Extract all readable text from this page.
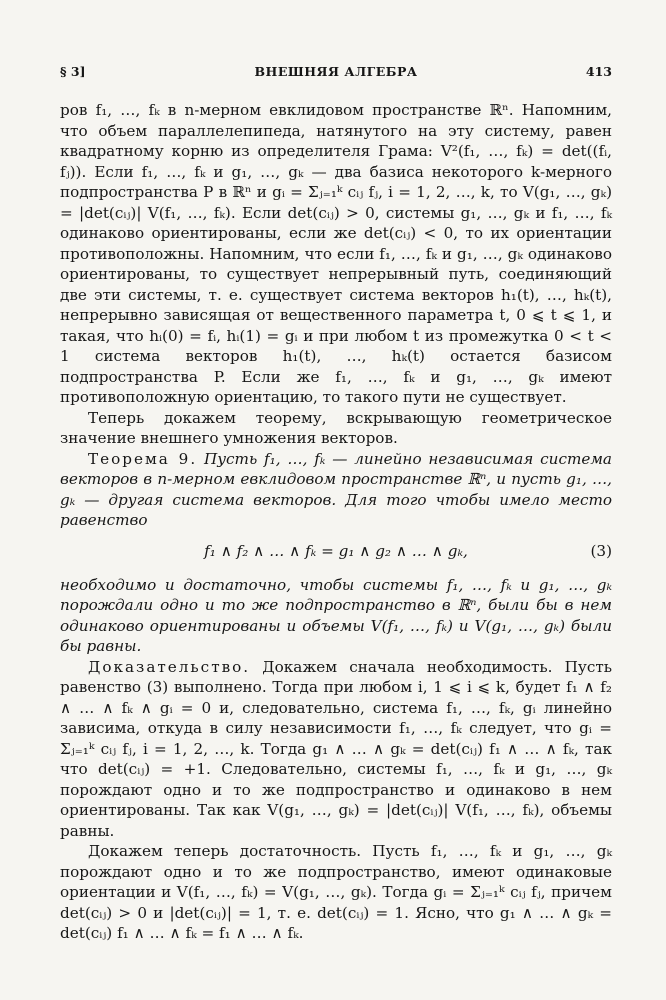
§ 3]	ВНЕШНЯЯ АЛГЕБРА	413

ров f₁, …, fₖ в n-мерном евклидовом пространстве ℝⁿ. Напомним, что объем параллелепипеда, натянутого на эту систему, равен квадратному корню из определителя Грама: V²(f₁, …, fₖ) = det((fᵢ, fⱼ)). Если f₁, …, fₖ и g₁, …, gₖ — два базиса некоторого k-мерного подпространства P в ℝⁿ и gᵢ = Σⱼ₌₁ᵏ cᵢⱼ fⱼ, i = 1, 2, …, k, то V(g₁, …, gₖ) = |det(cᵢⱼ)| V(f₁, …, fₖ). Если det(cᵢⱼ) > 0, системы g₁, …, gₖ и f₁, …, fₖ одинаково ориентированы, если же det(cᵢⱼ) < 0, то их ориентации противоположны. Напомним, что если f₁, …, fₖ и g₁, …, gₖ одинаково ориентированы, то существует непрерывный путь, соединяющий две эти системы, т. е. существует система векторов h₁(t), …, hₖ(t), непрерывно зависящая от вещественного параметра t, 0 ⩽ t ⩽ 1, и такая, что hᵢ(0) = fᵢ, hᵢ(1) = gᵢ и при любом t из промежутка 0 < t < 1 система векторов h₁(t), …, hₖ(t) остается базисом подпространства P. Если же f₁, …, fₖ и g₁, …, gₖ имеют противоположную ориентацию, то такого пути не существует.

Теперь докажем теорему, вскрывающую геометрическое значение внешнего умножения векторов.

Теорема 9. Пусть f₁, …, fₖ — линейно независимая система векторов в n-мерном евклидовом пространстве ℝⁿ, и пусть g₁, …, gₖ — другая система векторов. Для того чтобы имело место равенство

f₁ ∧ f₂ ∧ … ∧ fₖ = g₁ ∧ g₂ ∧ … ∧ gₖ,	(3)

необходимо и достаточно, чтобы системы f₁, …, fₖ и g₁, …, gₖ порождали одно и то же подпространство в ℝⁿ, были бы в нем одинаково ориентированы и объемы V(f₁, …, fₖ) и V(g₁, …, gₖ) были бы равны.

Доказательство. Докажем сначала необходимость. Пусть равенство (3) выполнено. Тогда при любом i, 1 ⩽ i ⩽ k, будет f₁ ∧ f₂ ∧ … ∧ fₖ ∧ gᵢ = 0 и, следовательно, система f₁, …, fₖ, gᵢ линейно зависима, откуда в силу независимости f₁, …, fₖ следует, что gᵢ = Σⱼ₌₁ᵏ cᵢⱼ fⱼ, i = 1, 2, …, k. Тогда g₁ ∧ … ∧ gₖ = det(cᵢⱼ) f₁ ∧ … ∧ fₖ, так что det(cᵢⱼ) = +1. Следовательно, системы f₁, …, fₖ и g₁, …, gₖ порождают одно и то же подпространство и одинаково в нем ориентированы. Так как V(g₁, …, gₖ) = |det(cᵢⱼ)| V(f₁, …, fₖ), объемы равны.

Докажем теперь достаточность. Пусть f₁, …, fₖ и g₁, …, gₖ порождают одно и то же подпространство, имеют одинаковые ориентации и V(f₁, …, fₖ) = V(g₁, …, gₖ). Тогда gᵢ = Σⱼ₌₁ᵏ cᵢⱼ fⱼ, причем det(cᵢⱼ) > 0 и |det(cᵢⱼ)| = 1, т. е. det(cᵢⱼ) = 1. Ясно, что g₁ ∧ … ∧ gₖ = det(cᵢⱼ) f₁ ∧ … ∧ fₖ = f₁ ∧ … ∧ fₖ.
